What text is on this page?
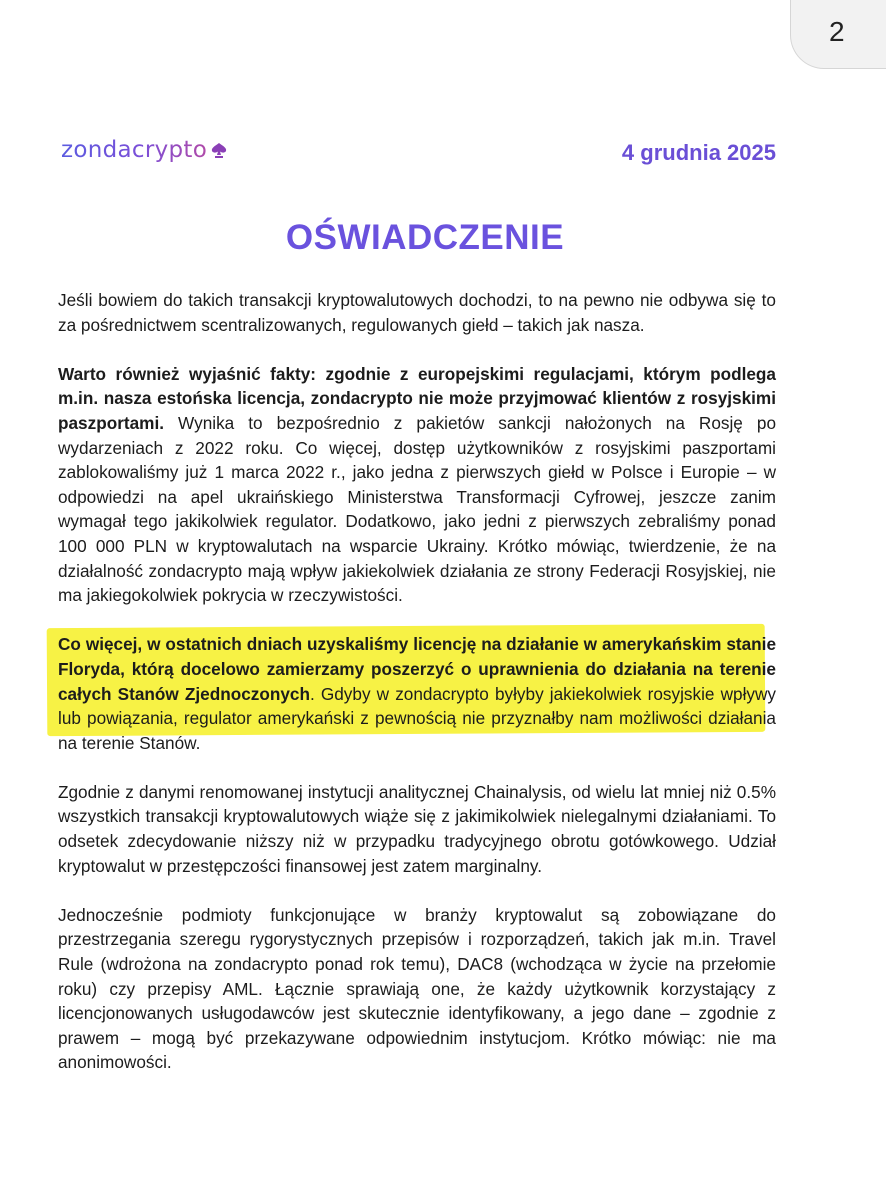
2
zondacrypto	4 grudnia 2025
OŚWIADCZENIE

Jeśli bowiem do takich transakcji kryptowalutowych dochodzi, to na pewno nie odbywa się to za pośrednictwem scentralizowanych, regulowanych giełd – takich jak nasza.

Warto również wyjaśnić fakty: zgodnie z europejskimi regulacjami, którym podlega m.in. nasza estońska licencja, zondacrypto nie może przyjmować klientów z rosyjskimi paszportami. Wynika to bezpośrednio z pakietów sankcji nałożonych na Rosję po wydarzeniach z 2022 roku. Co więcej, dostęp użytkowników z rosyjskimi paszportami zablokowaliśmy już 1 marca 2022 r., jako jedna z pierwszych giełd w Polsce i Europie – w odpowiedzi na apel ukraińskiego Ministerstwa Transformacji Cyfrowej, jeszcze zanim wymagał tego jakikolwiek regulator. Dodatkowo, jako jedni z pierwszych zebraliśmy ponad 100 000 PLN w kryptowalutach na wsparcie Ukrainy. Krótko mówiąc, twierdzenie, że na działalność zondacrypto mają wpływ jakiekolwiek działania ze strony Federacji Rosyjskiej, nie ma jakiegokolwiek pokrycia w rzeczywistości.

Co więcej, w ostatnich dniach uzyskaliśmy licencję na działanie w amerykańskim stanie Floryda, którą docelowo zamierzamy poszerzyć o uprawnienia do działania na terenie całych Stanów Zjednoczonych. Gdyby w zondacrypto byłyby jakiekolwiek rosyjskie wpływy lub powiązania, regulator amerykański z pewnością nie przyznałby nam możliwości działania na terenie Stanów.

Zgodnie z danymi renomowanej instytucji analitycznej Chainalysis, od wielu lat mniej niż 0.5% wszystkich transakcji kryptowalutowych wiąże się z jakimikolwiek nielegalnymi działaniami. To odsetek zdecydowanie niższy niż w przypadku tradycyjnego obrotu gotówkowego. Udział kryptowalut w przestępczości finansowej jest zatem marginalny.

Jednocześnie podmioty funkcjonujące w branży kryptowalut są zobowiązane do przestrzegania szeregu rygorystycznych przepisów i rozporządzeń, takich jak m.in. Travel Rule (wdrożona na zondacrypto ponad rok temu), DAC8 (wchodząca w życie na przełomie roku) czy przepisy AML. Łącznie sprawiają one, że każdy użytkownik korzystający z licencjonowanych usługodawców jest skutecznie identyfikowany, a jego dane – zgodnie z prawem – mogą być przekazywane odpowiednim instytucjom. Krótko mówiąc: nie ma anonimowości.
